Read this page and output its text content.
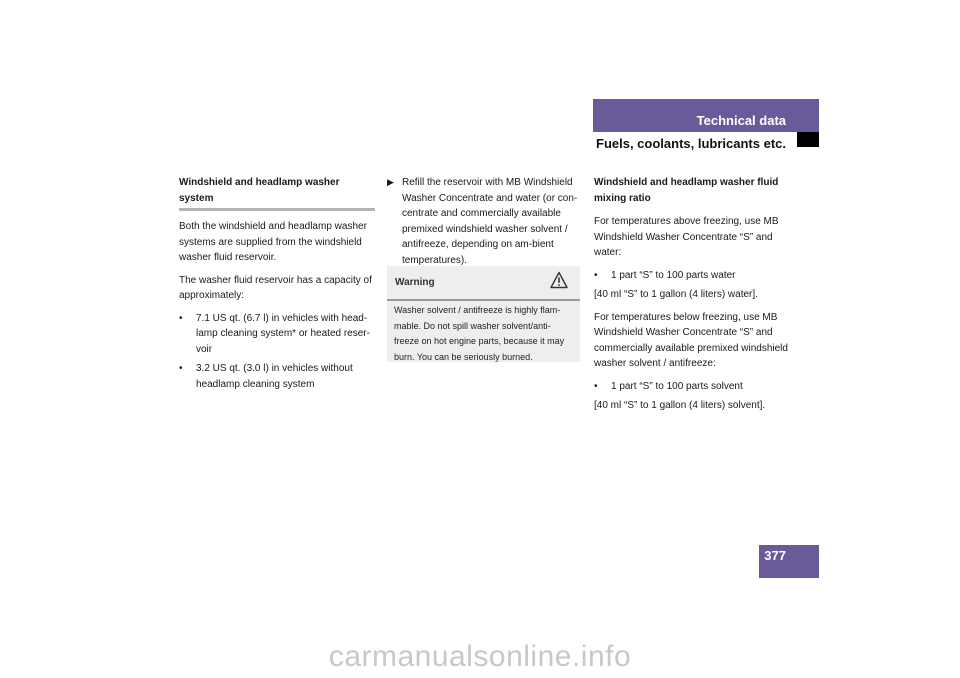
Technical data
Fuels, coolants, lubricants etc.
Windshield and headlamp washer system

Both the windshield and headlamp washer systems are supplied from the windshield washer fluid reservoir.

The washer fluid reservoir has a capacity of approximately:

• 7.1 US qt. (6.7 l) in vehicles with head-lamp cleaning system* or heated reser-voir
• 3.2 US qt. (3.0 l) in vehicles without headlamp cleaning system
▶ Refill the reservoir with MB Windshield Washer Concentrate and water (or con-centrate and commercially available premixed windshield washer solvent / antifreeze, depending on am-bient temperatures).
Warning
Washer solvent / antifreeze is highly flam-mable. Do not spill washer solvent/anti-freeze on hot engine parts, because it may burn. You can be seriously burned.
Windshield and headlamp washer fluid mixing ratio

For temperatures above freezing, use MB Windshield Washer Concentrate “S” and water:

• 1 part “S” to 100 parts water

[40 ml “S” to 1 gallon (4 liters) water].

For temperatures below freezing, use MB Windshield Washer Concentrate “S” and commercially available premixed windshield washer solvent / antifreeze:

• 1 part “S” to 100 parts solvent

[40 ml “S” to 1 gallon (4 liters) solvent].

377
carmanualsonline.info
